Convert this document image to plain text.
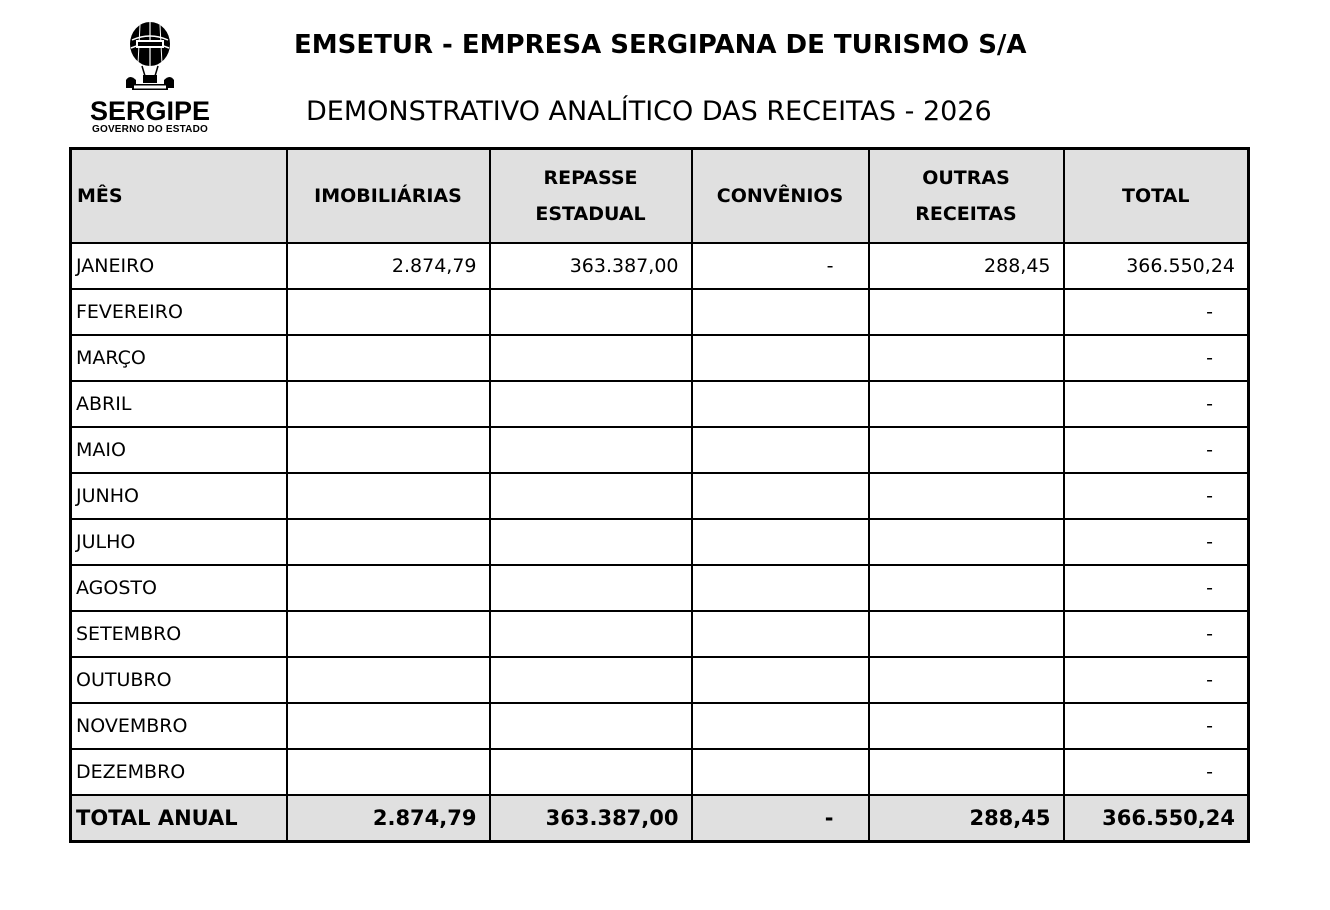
SERGIPE
GOVERNO DO ESTADO
EMSETUR - EMPRESA SERGIPANA DE TURISMO S/A
DEMONSTRATIVO ANALÍTICO DAS RECEITAS - 2026
MÊS	IMOBILIÁRIAS	REPASSE ESTADUAL	CONVÊNIOS	OUTRAS RECEITAS	TOTAL
JANEIRO	2.874,79	363.387,00	-	288,45	366.550,24
FEVEREIRO					-
MARÇO					-
ABRIL					-
MAIO					-
JUNHO					-
JULHO					-
AGOSTO					-
SETEMBRO					-
OUTUBRO					-
NOVEMBRO					-
DEZEMBRO					-
TOTAL ANUAL	2.874,79	363.387,00	-	288,45	366.550,24
